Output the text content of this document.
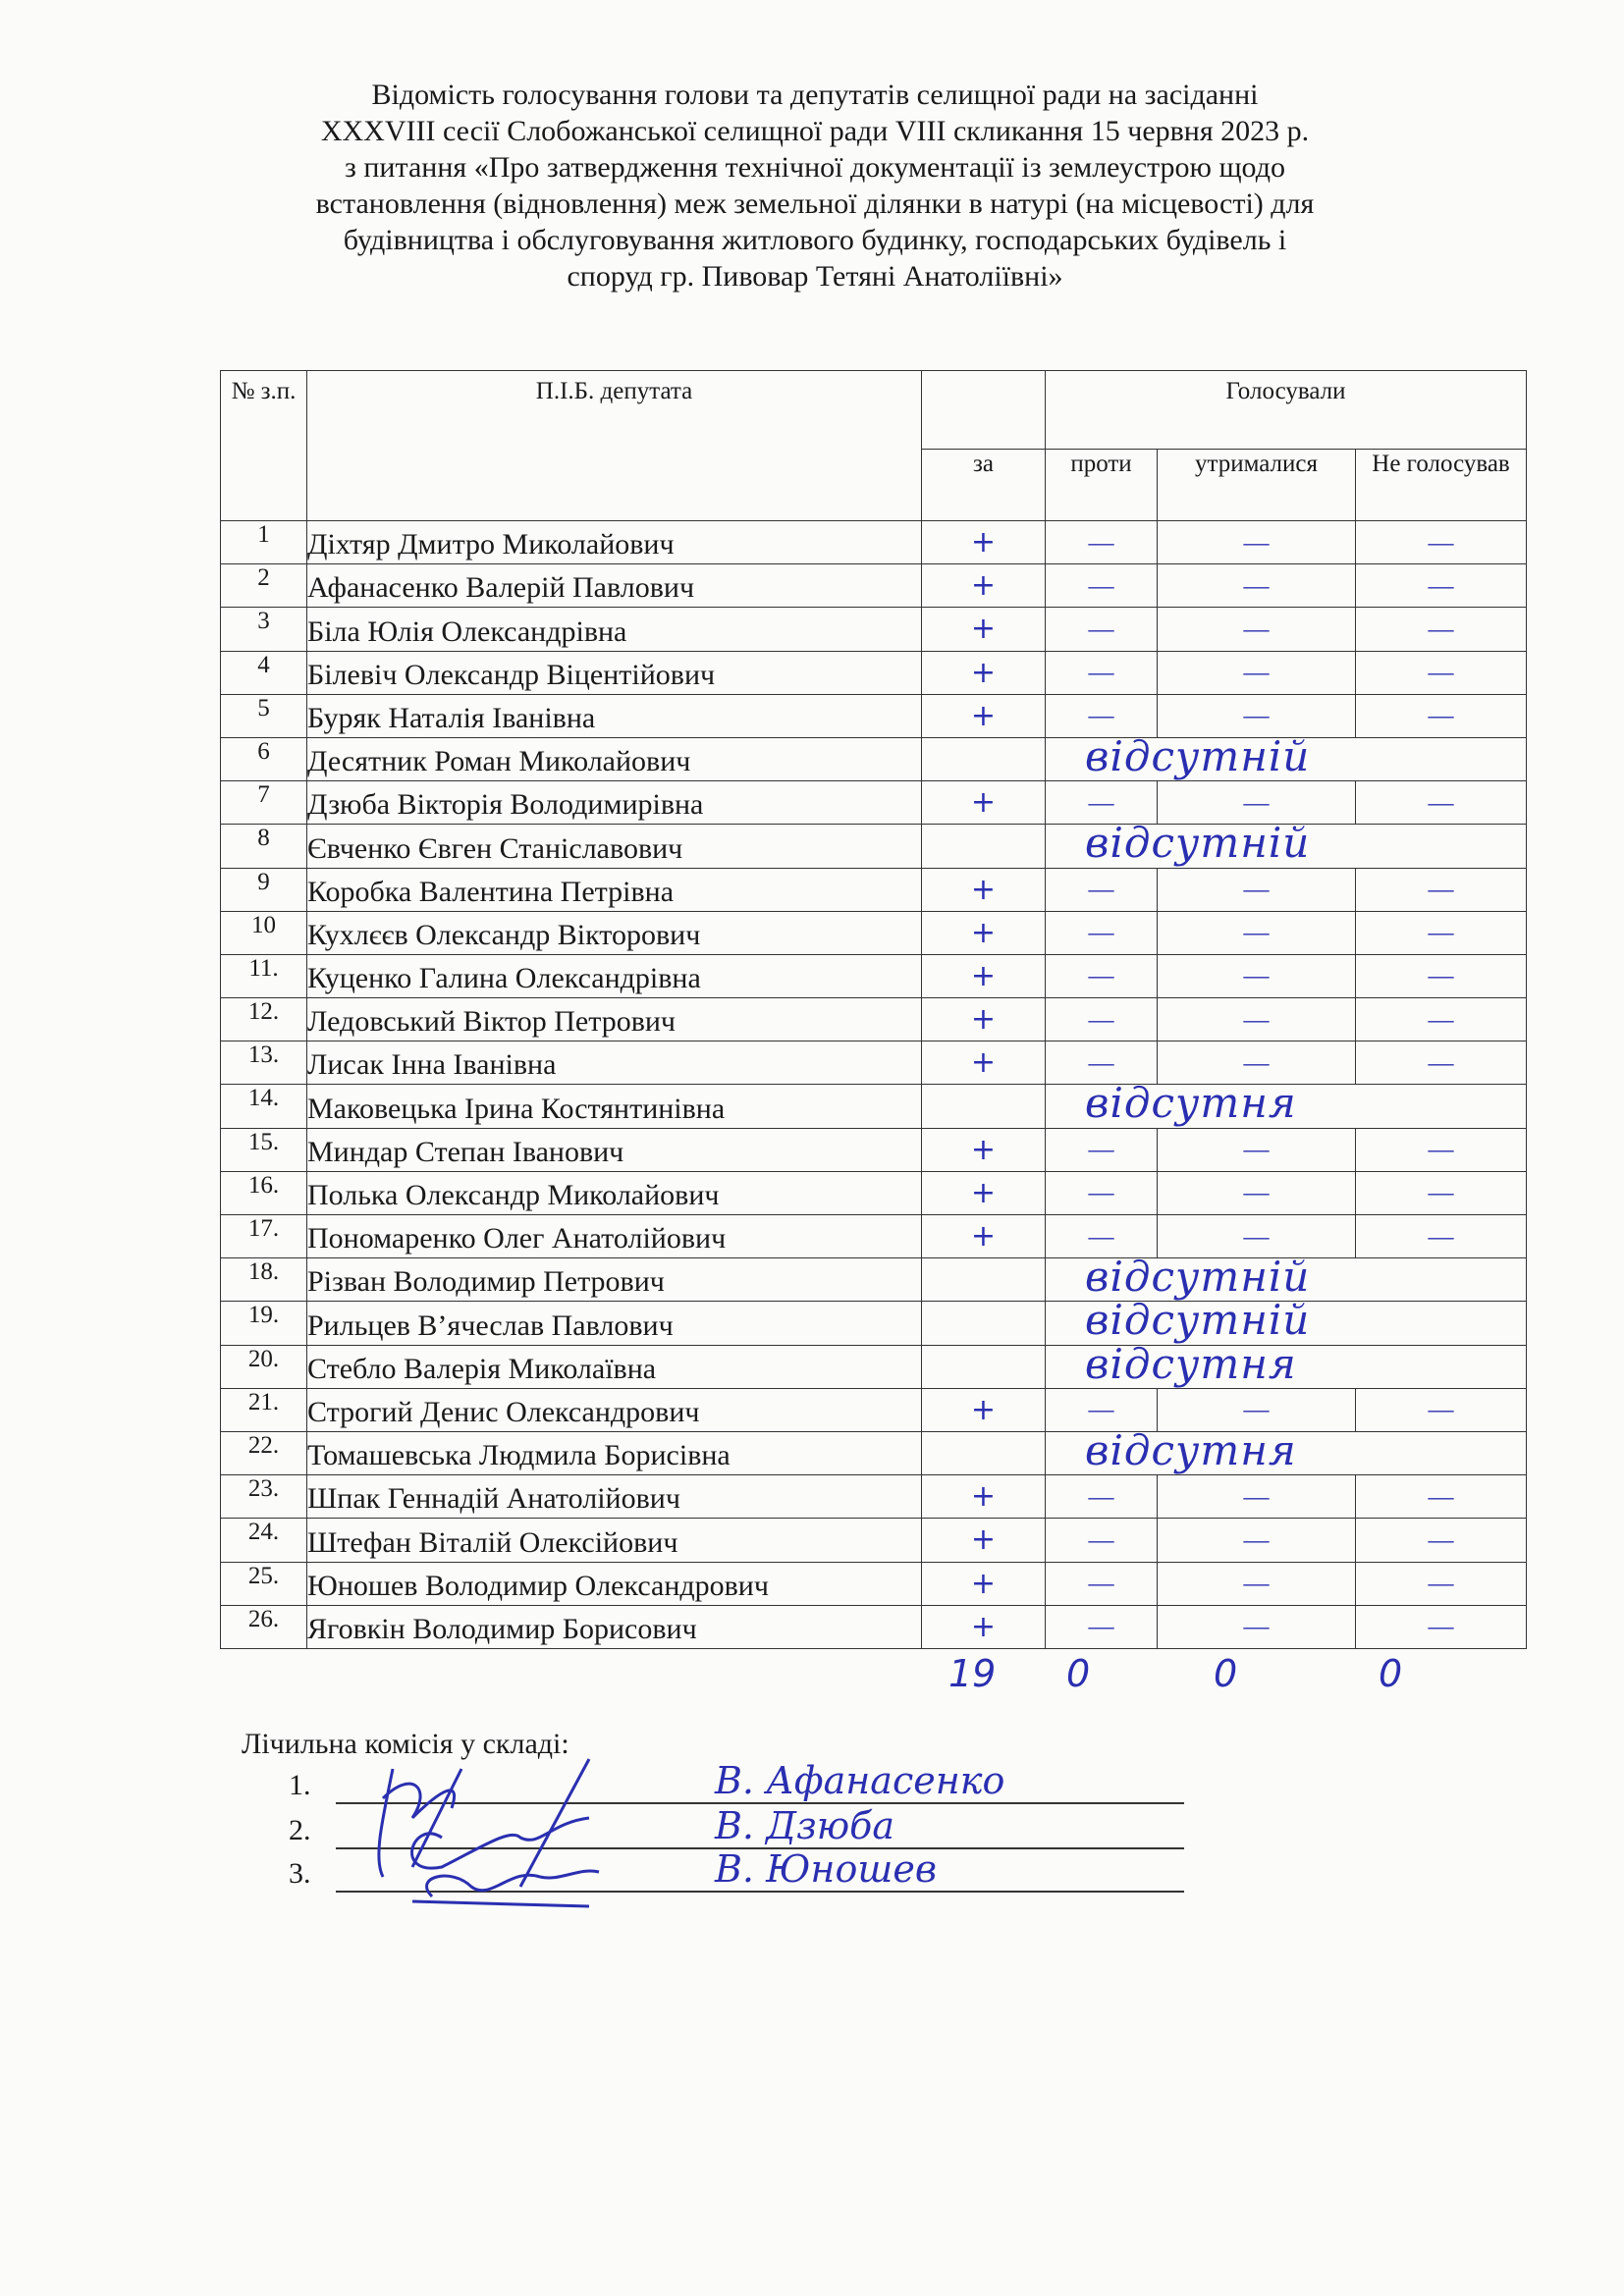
Відомість голосування голови та депутатів селищної ради на засіданні
XXXVIII сесії Слобожанської селищної ради VIII скликання 15 червня 2023 р.
з питання «Про затвердження технічної документації із землеустрою щодо
встановлення (відновлення) меж земельної ділянки в натурі (на місцевості) для
будівництва і обслуговування житлового будинку, господарських будівель і
споруд гр. Пивовар Тетяні Анатоліївні»
№ з.п.	П.І.Б. депутата		Голосували			
		за	проти	утрималися	Не голосував	
1	Діхтяр Дмитро Миколайович	+	—	—	—	
2	Афанасенко Валерій Павлович	+	—	—	—	
3	Біла Юлія Олександрівна	+	—	—	—	
4	Білевіч Олександр Віцентійович	+	—	—	—	
5	Буряк Наталія Іванівна	+	—	—	—	
6	Десятник Роман Миколайович		відсутній			

7	Дзюба Вікторія Володимирівна	+	—	—	—	
8	Євченко Євген Станіславович		відсутній			

9	Коробка Валентина Петрівна	+	—	—	—	
10	Кухлєєв Олександр Вікторович	+	—	—	—	
11.	Куценко Галина Олександрівна	+	—	—	—	
12.	Ледовський Віктор Петрович	+	—	—	—	
13.	Лисак Інна Іванівна	+	—	—	—	
14.	Маковецька Ірина Костянтинівна		відсутня			

15.	Миндар Степан Іванович	+	—	—	—	
16.	Полька Олександр Миколайович	+	—	—	—	
17.	Пономаренко Олег Анатолійович	+	—	—	—	
18.	Різван Володимир Петрович		відсутній			

19.	Рильцев В’ячеслав Павлович		відсутній			

20.	Стебло Валерія Миколаївна		відсутня			

21.	Строгий Денис Олександрович	+	—	—	—	
22.	Томашевська Людмила Борисівна		відсутня			

23.	Шпак Геннадій Анатолійович	+	—	—	—	
24.	Штефан Віталій Олексійович	+	—	—	—	
25.	Юношев Володимир Олександрович	+	—	—	—	
26.	Яговкін Володимир Борисович	+	—	—	—	
19 0	0	0
Лічильна комісія у складі:
1.	В. Афанасенко
2.	В. Дзюба
3.	В. Юношев
